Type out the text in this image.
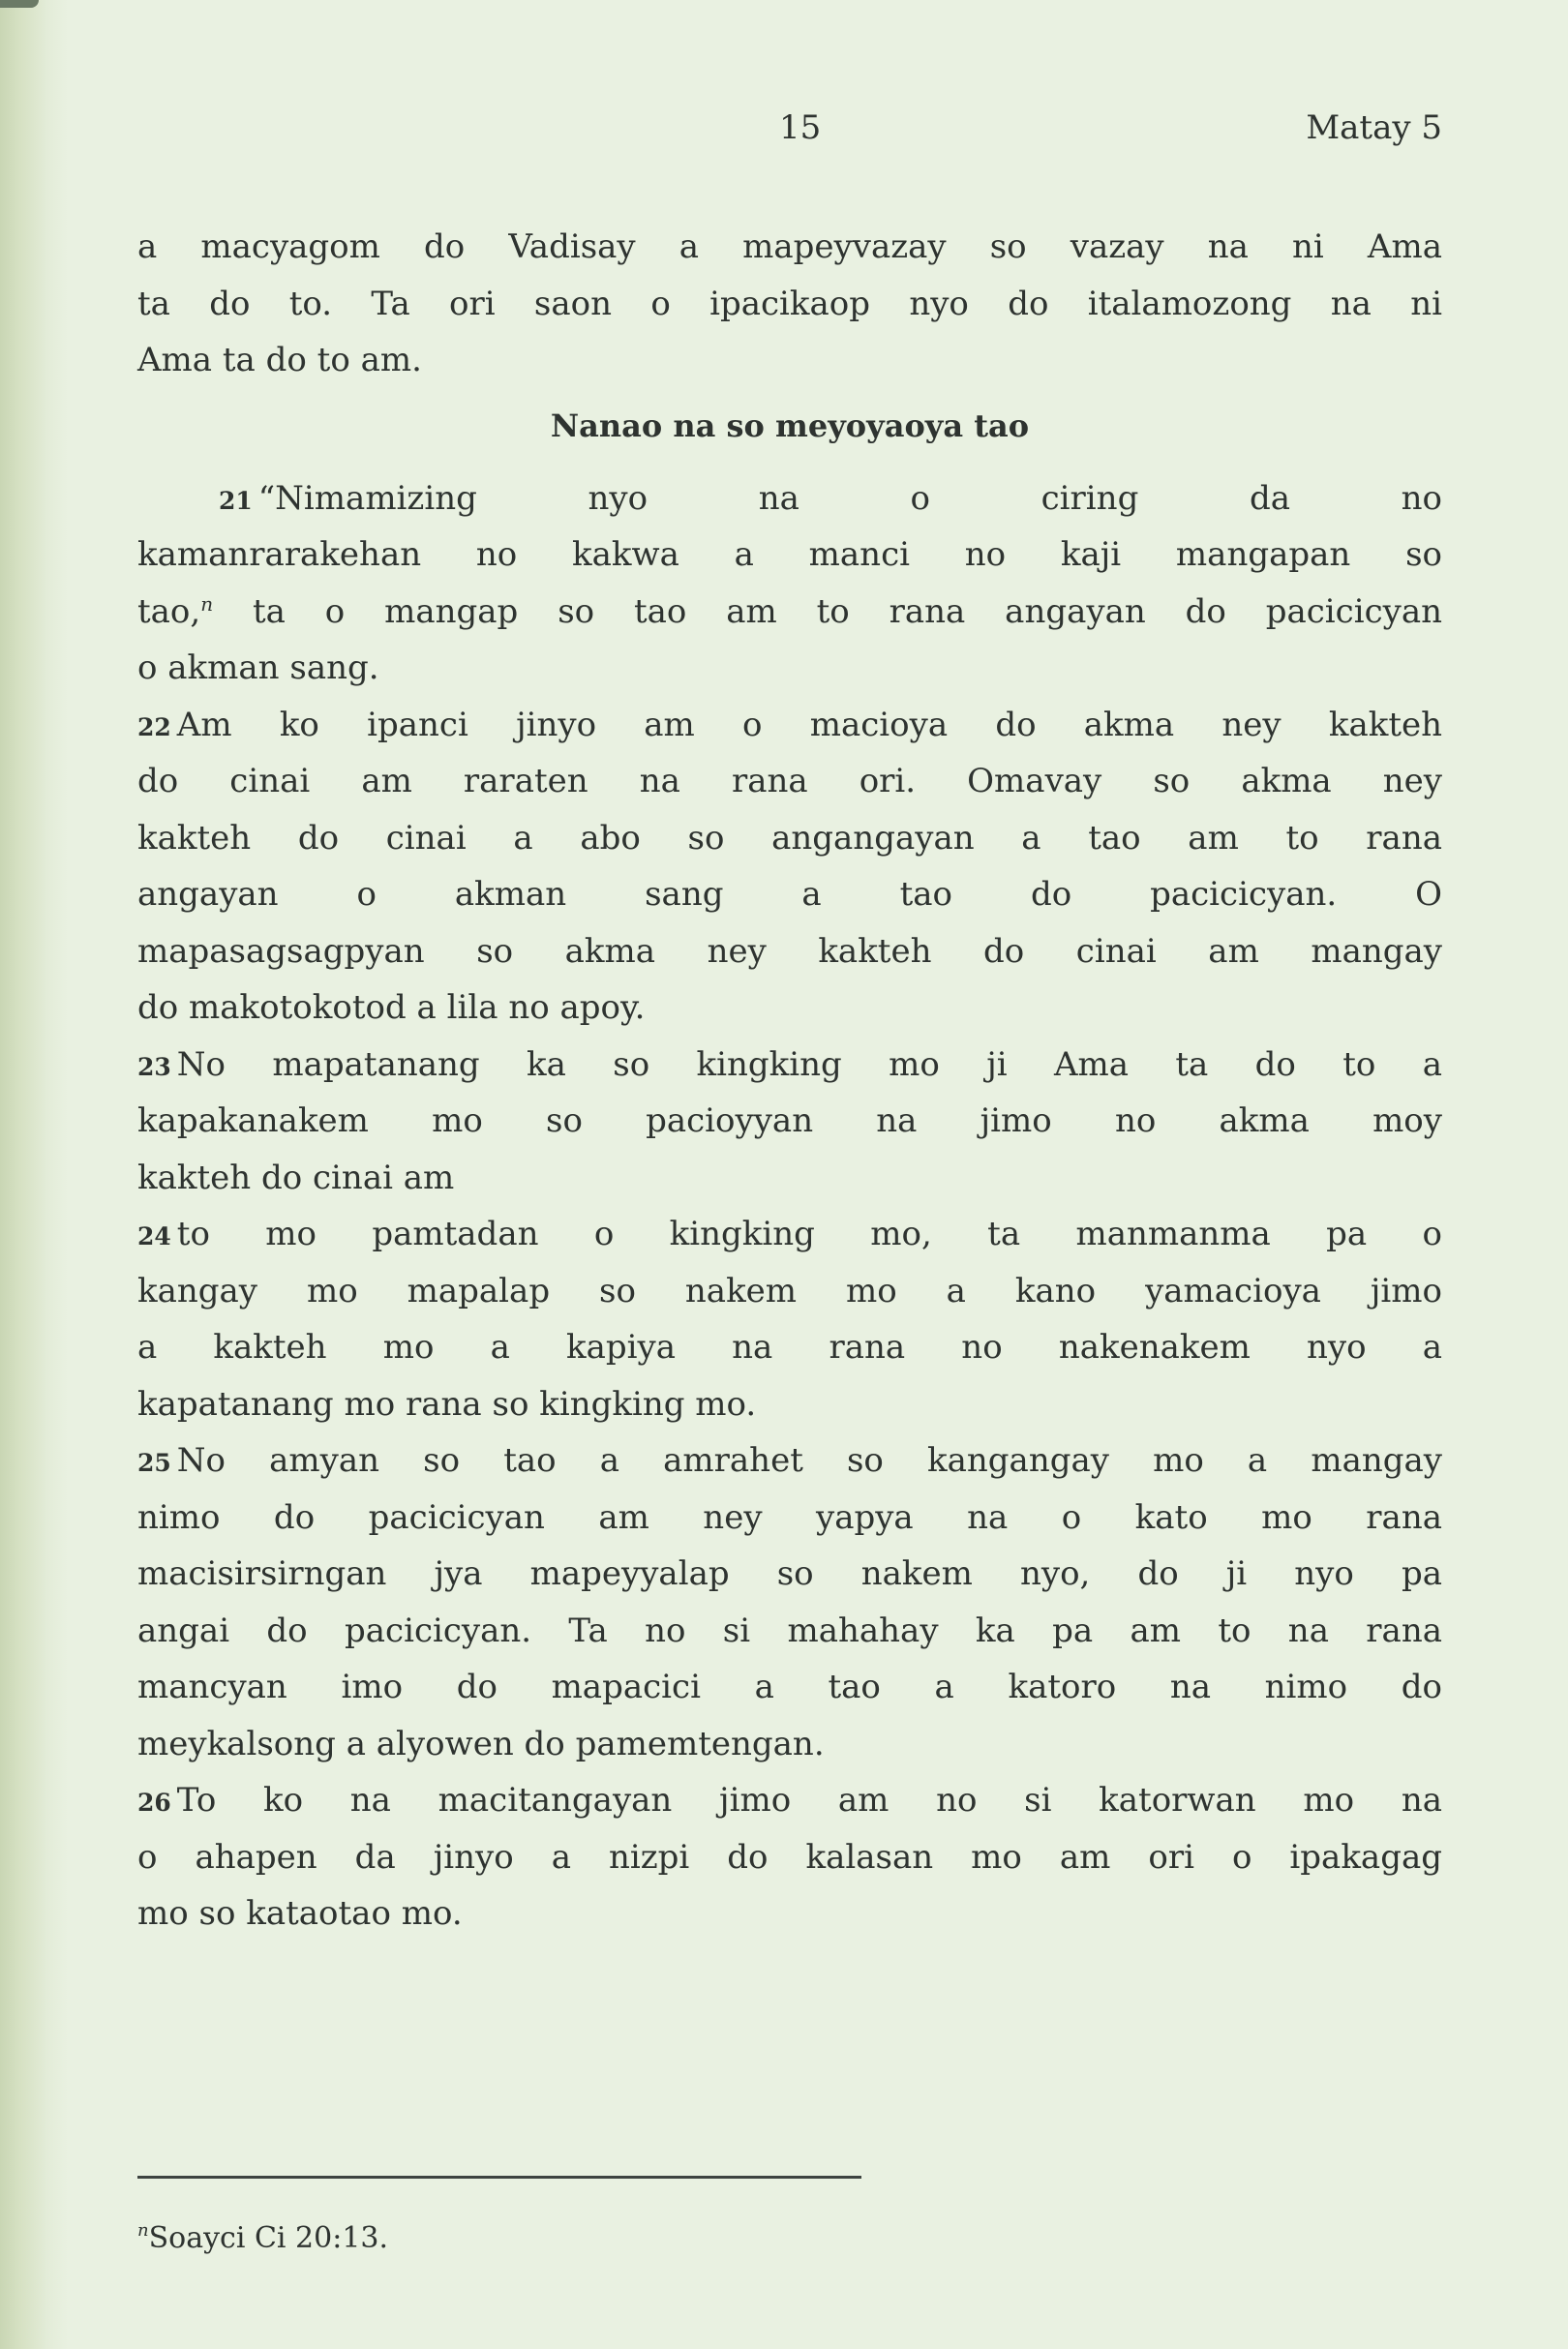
15	Matay 5
a macyagom do Vadisay a mapeyvazay so vazay na ni Ama
ta do to. Ta ori saon o ipacikaop nyo do italamozong na ni
Ama ta do to am.
Nanao na so meyoyaoya tao
21 “Nimamizing nyo na o ciring da no
kamanrarakehan no kakwa a manci no kaji mangapan so
tao,$^n$ ta o mangap so tao am to rana angayan do pacicicyan
o akman sang.
22 Am ko ipanci jinyo am o macioya do akma ney kakteh
do cinai am raraten na rana ori. Omavay so akma ney
kakteh do cinai a abo so angangayan a tao am to rana
angayan o akman sang a tao do pacicicyan. O
mapasagsagpyan so akma ney kakteh do cinai am mangay
do makotokotod a lila no apoy.
23 No mapatanang ka so kingking mo ji Ama ta do to a
kapakanakem mo so pacioyyan na jimo no akma moy
kakteh do cinai am
24 to mo pamtadan o kingking mo, ta manmanma pa o
kangay mo mapalap so nakem mo a kano yamacioya jimo
a kakteh mo a kapiya na rana no nakenakem nyo a
kapatanang mo rana so kingking mo.
25 No amyan so tao a amrahet so kangangay mo a mangay
nimo do pacicicyan am ney yapya na o kato mo rana
macisirsirngan jya mapeyyalap so nakem nyo, do ji nyo pa
angai do pacicicyan. Ta no si mahahay ka pa am to na rana
mancyan imo do mapacici a tao a katoro na nimo do
meykalsong a alyowen do pamemtengan.
26 To ko na macitangayan jimo am no si katorwan mo na
o ahapen da jinyo a nizpi do kalasan mo am ori o ipakagag
mo so kataotao mo.
$^n$Soayci Ci 20:13.
